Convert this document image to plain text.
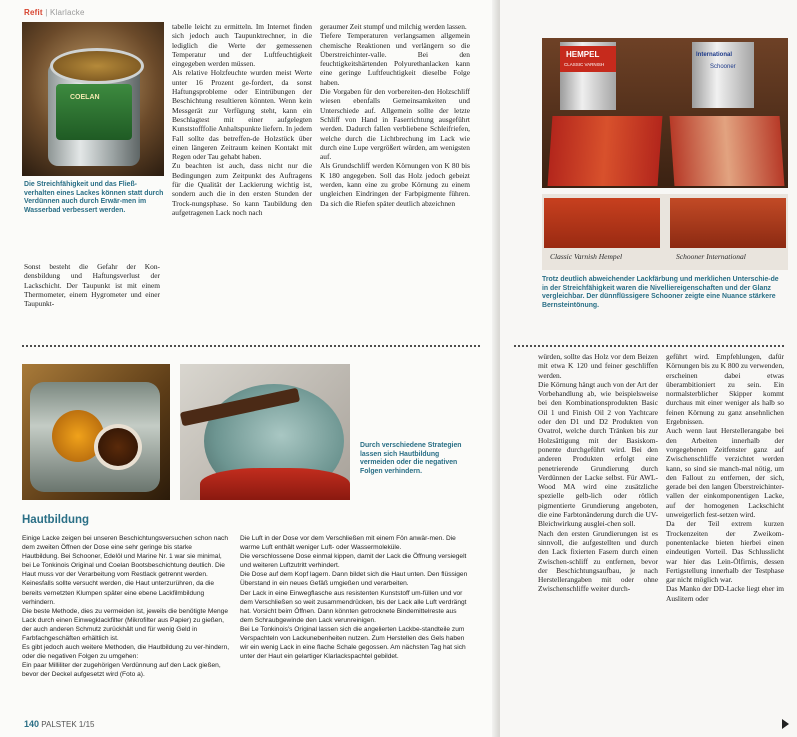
Refit | Klarlacke
COELAN
Die Streichfähigkeit und das Fließ-verhalten eines Lackes können statt durch Verdünnen auch durch Erwär-men im Wasserbad verbessert werden.

Sonst besteht die Gefahr der Kon-densbildung und Haftungsverlust der Lackschicht. Der Taupunkt ist mit einem Thermometer, einem Hygrometer und einer Taupunkt-

tabelle leicht zu ermitteln. Im Internet finden sich jedoch auch Taupunktrechner, in die lediglich die Werte der gemessenen Temperatur und der Luftfeuchtigkeit eingegeben werden müssen.

Als relative Holzfeuchte wurden meist Werte unter 16 Prozent ge-fordert, da sonst Haftungsprobleme oder Eintrübungen der Beschichtung resultieren könnten. Wenn kein Messgerät zur Verfügung steht, kann ein Beschlagtest mit einer aufgelegten Kunststofffolie Anhaltspunkte liefern. In jedem Fall sollte das betreffen-de Holzstück über einen längeren Zeitraum keinen Kontakt mit Regen oder Tau gehabt haben.

Zu beachten ist auch, dass nicht nur die Bedingungen zum Zeitpunkt des Auftragens für die Qualität der Lackierung wichtig ist, sondern auch die in den ersten Stunden der Trock-nungsphase. So kann Taubildung den aufgetragenen Lack noch nach

geraumer Zeit stumpf und milchig werden lassen.

Tiefere Temperaturen verlangsamen allgemein chemische Reaktionen und verlängern so die Überstreichinter-valle. Bei den feuchtigkeitshärtenden Polyurethanlacken kann eine geringe Luftfeuchtigkeit dieselbe Folge haben.

Die Vorgaben für den vorbereiten-den Holzschliff wiesen ebenfalls Gemeinsamkeiten und Unterschiede auf. Allgemein sollte der letzte Schliff von Hand in Faserrichtung ausgeführt werden. Dadurch fallen verbliebene Schleifriefen, welche durch die Lichtbrechung im Lack wie durch eine Lupe vergrößert würden, am wenigsten auf.

Als Grundschliff werden Körnungen von K 80 bis K 180 angegeben. Soll das Holz jedoch gebeizt werden, kann eine zu grobe Körnung zu einem ungleichen Eindringen der Farbpigmente führen. Da sich die Riefen später deutlich abzeichnen

Durch verschiedene Strategien lassen sich Hautbildung vermeiden oder die negativen Folgen verhindern.
Hautbildung

Einige Lacke zeigen bei unseren Beschichtungsversuchen schon nach dem zweiten Öffnen der Dose eine sehr geringe bis starke Hautbildung. Bei Schooner, Edelöl und Marine Nr. 1 war sie minimal, bei Le Tonkinois Original und Coelan Bootsbeschichtung deutlich. Die Haut muss vor der Verarbeitung vom Restlack getrennt werden. Keinesfalls sollte versucht werden, die Haut unterzurühren, da die bereits vernetzten Klumpen später eine ebene Lackfilmbildung verhindern.

Die beste Methode, dies zu vermeiden ist, jeweils die benötigte Menge Lack durch einen Einwegklackfilter (Mikrofilter aus Papier) zu gießen, der auch anderen Schmutz zurückhält und für wenig Geld in Farbfachgeschäften erhältlich ist.

Es gibt jedoch auch weitere Methoden, die Hautbildung zu ver-hindern, oder die negativen Folgen zu umgehen:

Ein paar Milliliter der zugehörigen Verdünnung auf den Lack gießen, bevor der Deckel aufgesetzt wird (Foto a).

Die Luft in der Dose vor dem Verschließen mit einem Fön anwär-men. Die warme Luft enthält weniger Luft- oder Wassermoleküle.

Die verschlossene Dose einmal kippen, damit der Lack die Öffnung versiegelt und weiteren Luftzutritt verhindert.

Die Dose auf dem Kopf lagern. Dann bildet sich die Haut unten. Den flüssigen Überstand in ein neues Gefäß umgießen und verarbeiten.

Der Lack in eine Einwegflasche aus resistenten Kunststoff um-füllen und vor dem Verschließen so weit zusammendrücken, bis der Lack alle Luft verdrängt hat. Vorsicht beim Öffnen. Dann könnten getrocknete Bindemittelreste aus dem Schraubgewinde den Lack verunreinigen.

Bei Le Tonkinois's Original lassen sich die angelierten Lackbe-standteile zum Verspachteln von Lackunebenheiten nutzen. Zum Herstellen des Gels haben wir ein wenig Lack in eine flache Schale gegossen. Am nächsten Tag hat sich unter der Haut ein gelartiger Klarlackspachtel gebildet.

140 PALSTEK 1/15
HEMPEL
CLASSIC VARNISH
International
Schooner
Classic Varnish Hempel	Schooner International
Trotz deutlich abweichender Lackfärbung und merklichen Unterschie-de in der Streichfähigkeit waren die Nivelliereigenschaften und der Glanz vergleichbar. Der dünnflüssigere Schooner zeigte eine Nuance stärkere Bernsteintönung.

würden, sollte das Holz vor dem Beizen mit etwa K 120 und feiner geschliffen werden.

Die Körnung hängt auch von der Art der Vorbehandlung ab, wie beispielsweise bei den Kombinationsprodukten Basic Oil 1 und Finish Oil 2 von Yachtcare oder den D1 und D2 Produkten von Ovatrol, welche durch Tränken bis zur Holzsättigung mit der Basiskom-ponente durchgeführt wird. Bei den anderen Produkten erfolgt eine penetrierende Grundierung durch Verdünnen der Lacke selbst. Für AWL-Wood MA wird eine zusätzliche spezielle gelb-lich oder rötlich pigmentierte Grundierung angeboten, die eine Farbtonänderung durch die UV-Bleichwirkung ausglei-chen soll.

Nach den ersten Grundierungen ist es sinnvoll, die aufgestellten und durch den Lack fixierten Fasern durch einen Zwischen-schliff zu entfernen, bevor der Beschichtungsaufbau, je nach Herstellerangaben mit oder ohne Zwischenschliffe weiter durch-

geführt wird. Empfehlungen, dafür Körnungen bis zu K 800 zu verwenden, erscheinen dabei etwas überambitioniert zu sein. Ein normalsterblicher Skipper kommt durchaus mit einer weniger als halb so feinen Körnung zu ganz ansehnlichen Ergebnissen.

Auch wenn laut Herstellerangabe bei den Arbeiten innerhalb der vorgegebenen Zeitfenster ganz auf Zwischenschliffe verzichtet werden kann, so sind sie manch-mal nötig, um den Fallout zu entfernen, der sich, gerade bei den langen Überstreichinter-vallen der einkomponentigen Lacke, auf der homogenen Lackschicht unweigerlich fest-setzen wird.

Da der Teil extrem kurzen Trockenzeiten der Zweikom-ponentenlacke bieten hierbei einen eindeutigen Vorteil. Das Schlusslicht war hier das Lein-Ölfirnis, dessen Fertigstellung innerhalb der Testphase gar nicht möglich war.

Das Manko der DD-Lacke liegt eher im Auslitern oder
